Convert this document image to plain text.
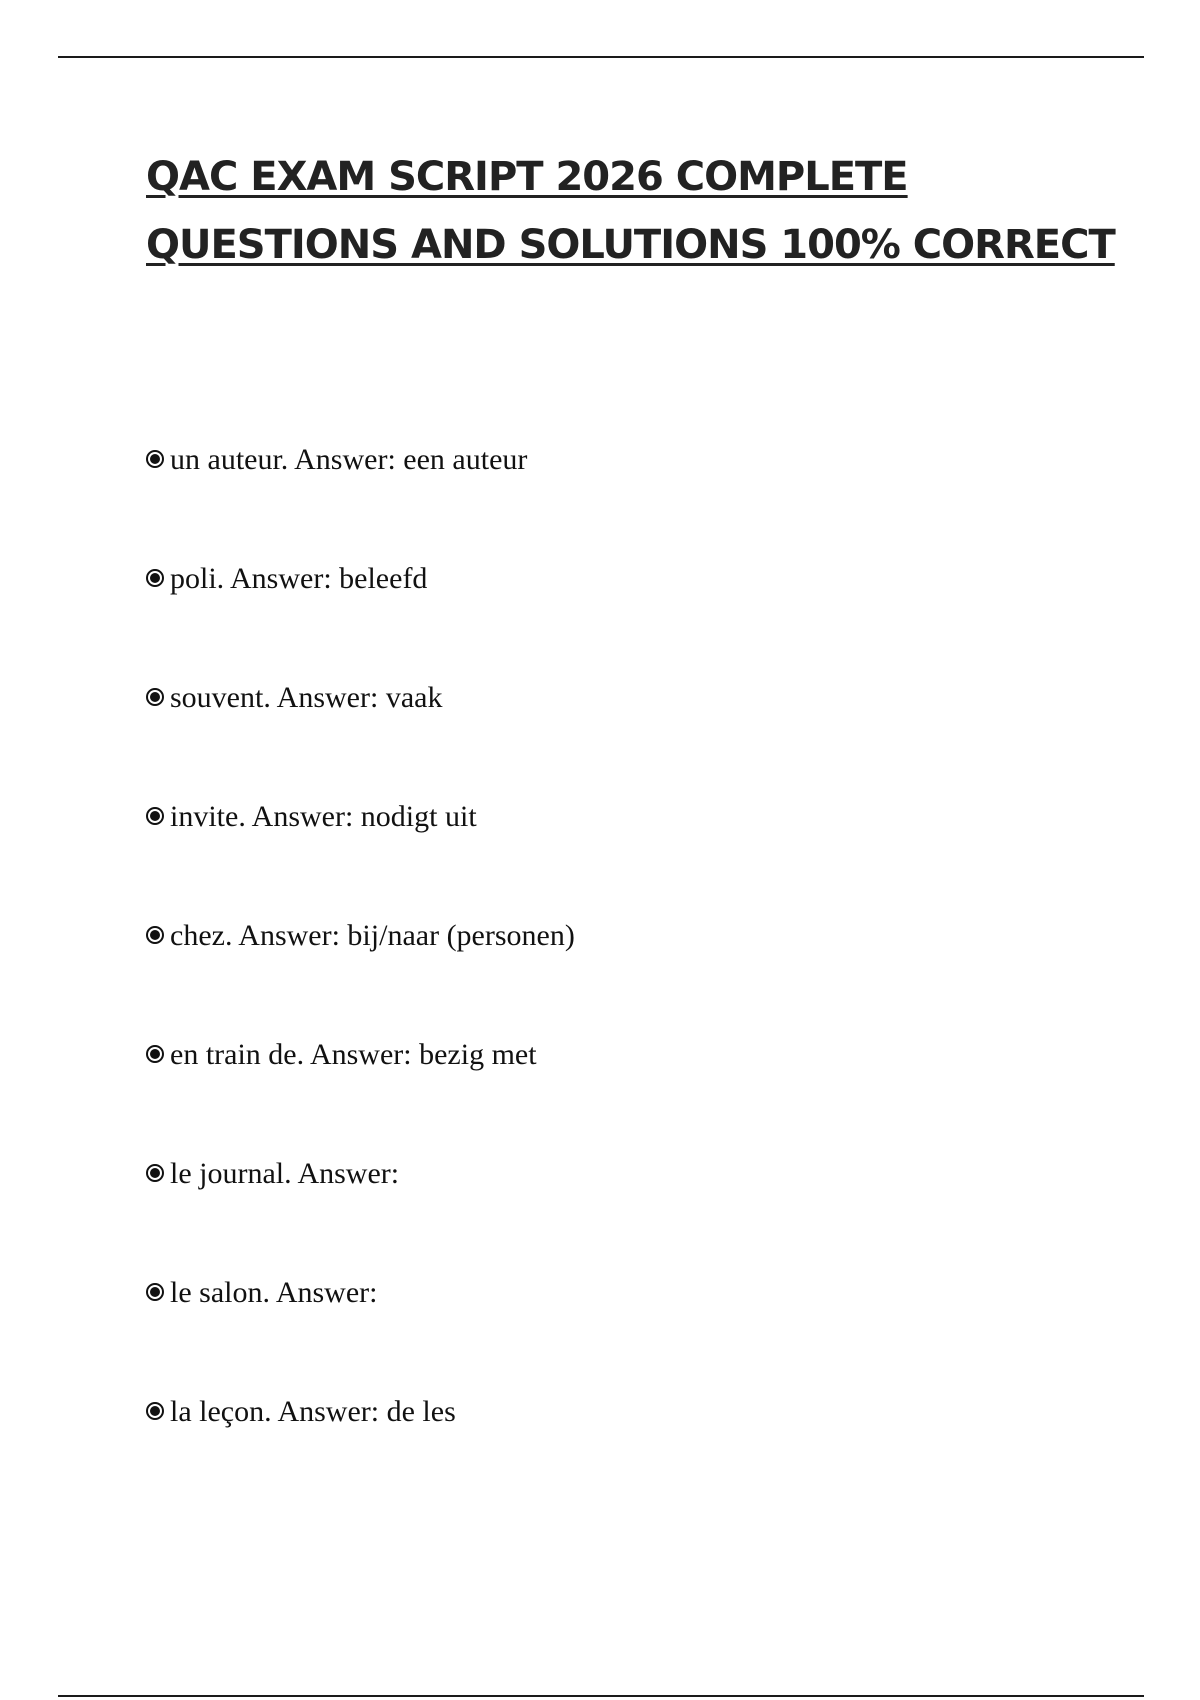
QAC EXAM SCRIPT 2026 COMPLETE
QUESTIONS AND SOLUTIONS 100% CORRECT
un auteur. Answer: een auteur
poli. Answer: beleefd
souvent. Answer: vaak
invite. Answer: nodigt uit
chez. Answer: bij/naar (personen)
en train de. Answer: bezig met
le journal. Answer:
le salon. Answer:
la leçon. Answer: de les
